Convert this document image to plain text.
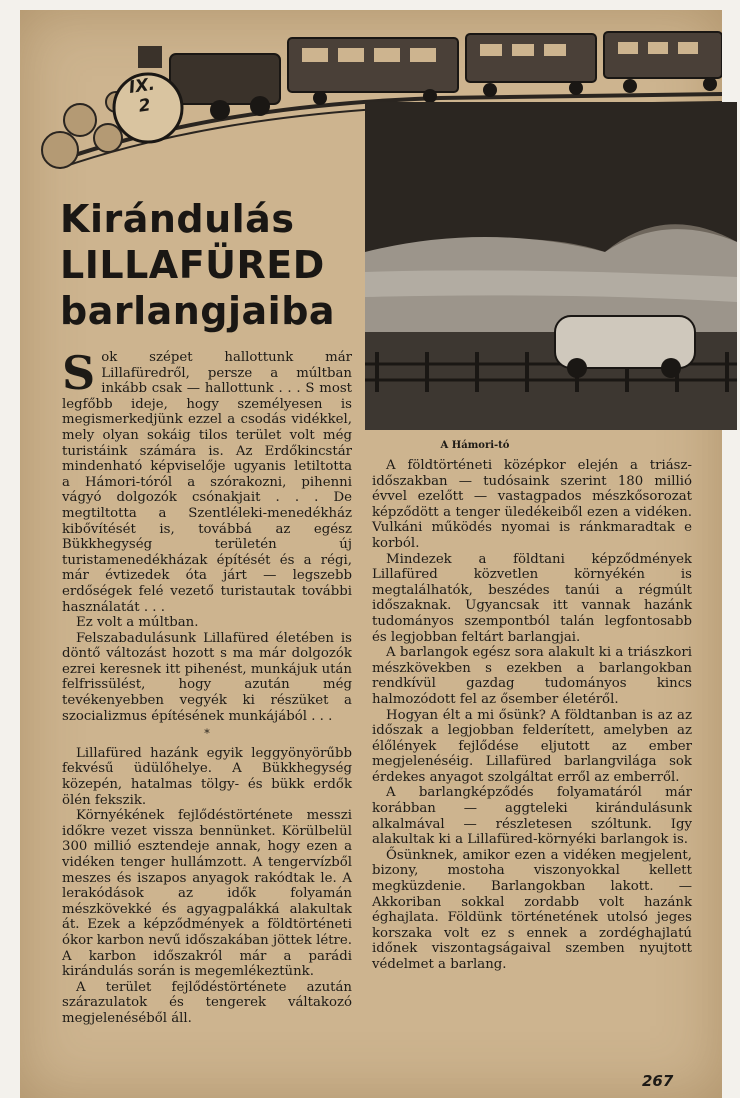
IX.
2
Kirándulás
LILLAFÜRED
barlangjaiba
A Hámori-tó

Sok szépet hallottunk már Lillafüredről, persze a múltban inkább csak — hallottunk . . . S most legfőbb ideje, hogy személyesen is megismerkedjünk ezzel a csodás vidékkel, mely olyan sokáig tilos terület volt még turistáink számára is. Az Erdőkincstár mindenható képviselője ugyanis letiltotta a Hámori-tóról a szórakozni, pihenni vágyó dolgozók csónakjait . . . De megtiltotta a Szentléleki-menedékház kibővítését is, továbbá az egész Bükkhegység területén új turistamenedékházak építését és a régi, már évtizedek óta járt — legszebb erdőségek felé vezető turistautak további használatát . . .

Ez volt a múltban.

Felszabadulásunk Lillafüred életében is döntő változást hozott s ma már dolgozók ezrei keresnek itt pihenést, munkájuk után felfrissülést, hogy azután még tevékenyebben vegyék ki részüket a szocializmus építésének munkájából . . .

*

Lillafüred hazánk egyik leggyönyörűbb fekvésű üdülőhelye. A Bükkhegység közepén, hatalmas tölgy- és bükk erdők ölén fekszik.

Környékének fejlődéstörténete messzi időkre vezet vissza bennünket. Körülbelül 300 millió esztendeje annak, hogy ezen a vidéken tenger hullámzott. A tengervízből meszes és iszapos anyagok rakódtak le. A lerakódások az idők folyamán mészkövekké és agyagpalákká alakultak át. Ezek a képződmények a földtörténeti ókor karbon nevű időszakában jöttek létre. A karbon időszakról már a parádi kirándulás során is megemlékeztünk.

A terület fejlődéstörténete azután szárazulatok és tengerek váltakozó megjelenéséből áll.

A földtörténeti középkor elején a triász-időszakban — tudósaink szerint 180 millió évvel ezelőtt — vastagpados mészkősorozat képződött a tenger üledékeiből ezen a vidéken. Vulkáni működés nyomai is ránkmaradtak e korból.

Mindezek a földtani képződmények Lillafüred közvetlen környékén is megtalálhatók, beszédes tanúi a régmúlt időszaknak. Ugyancsak itt vannak hazánk tudományos szempontból talán legfontosabb és legjobban feltárt barlangjai.

A barlangok egész sora alakult ki a triászkori mészkövekben s ezekben a barlangokban rendkívül gazdag tudományos kincs halmozódott fel az ősember életéről.

Hogyan élt a mi ősünk? A földtanban is az az időszak a legjobban felderített, amelyben az élőlények fejlődése eljutott az ember megjelenéséig. Lillafüred barlangvilága sok érdekes anyagot szolgáltat erről az emberről.

A barlangképződés folyamatáról már korábban — aggteleki kirándulásunk alkalmával — részletesen szóltunk. Igy alakultak ki a Lillafüred-környéki barlangok is.

Ősünknek, amikor ezen a vidéken megjelent, bizony, mostoha viszonyokkal kellett megküzdenie. Barlangokban lakott. — Akkoriban sokkal zordabb volt hazánk éghajlata. Földünk történetének utolsó jeges korszaka volt ez s ennek a zordéghajlatú időnek viszontagságaival szemben nyujtott védelmet a barlang.

267
